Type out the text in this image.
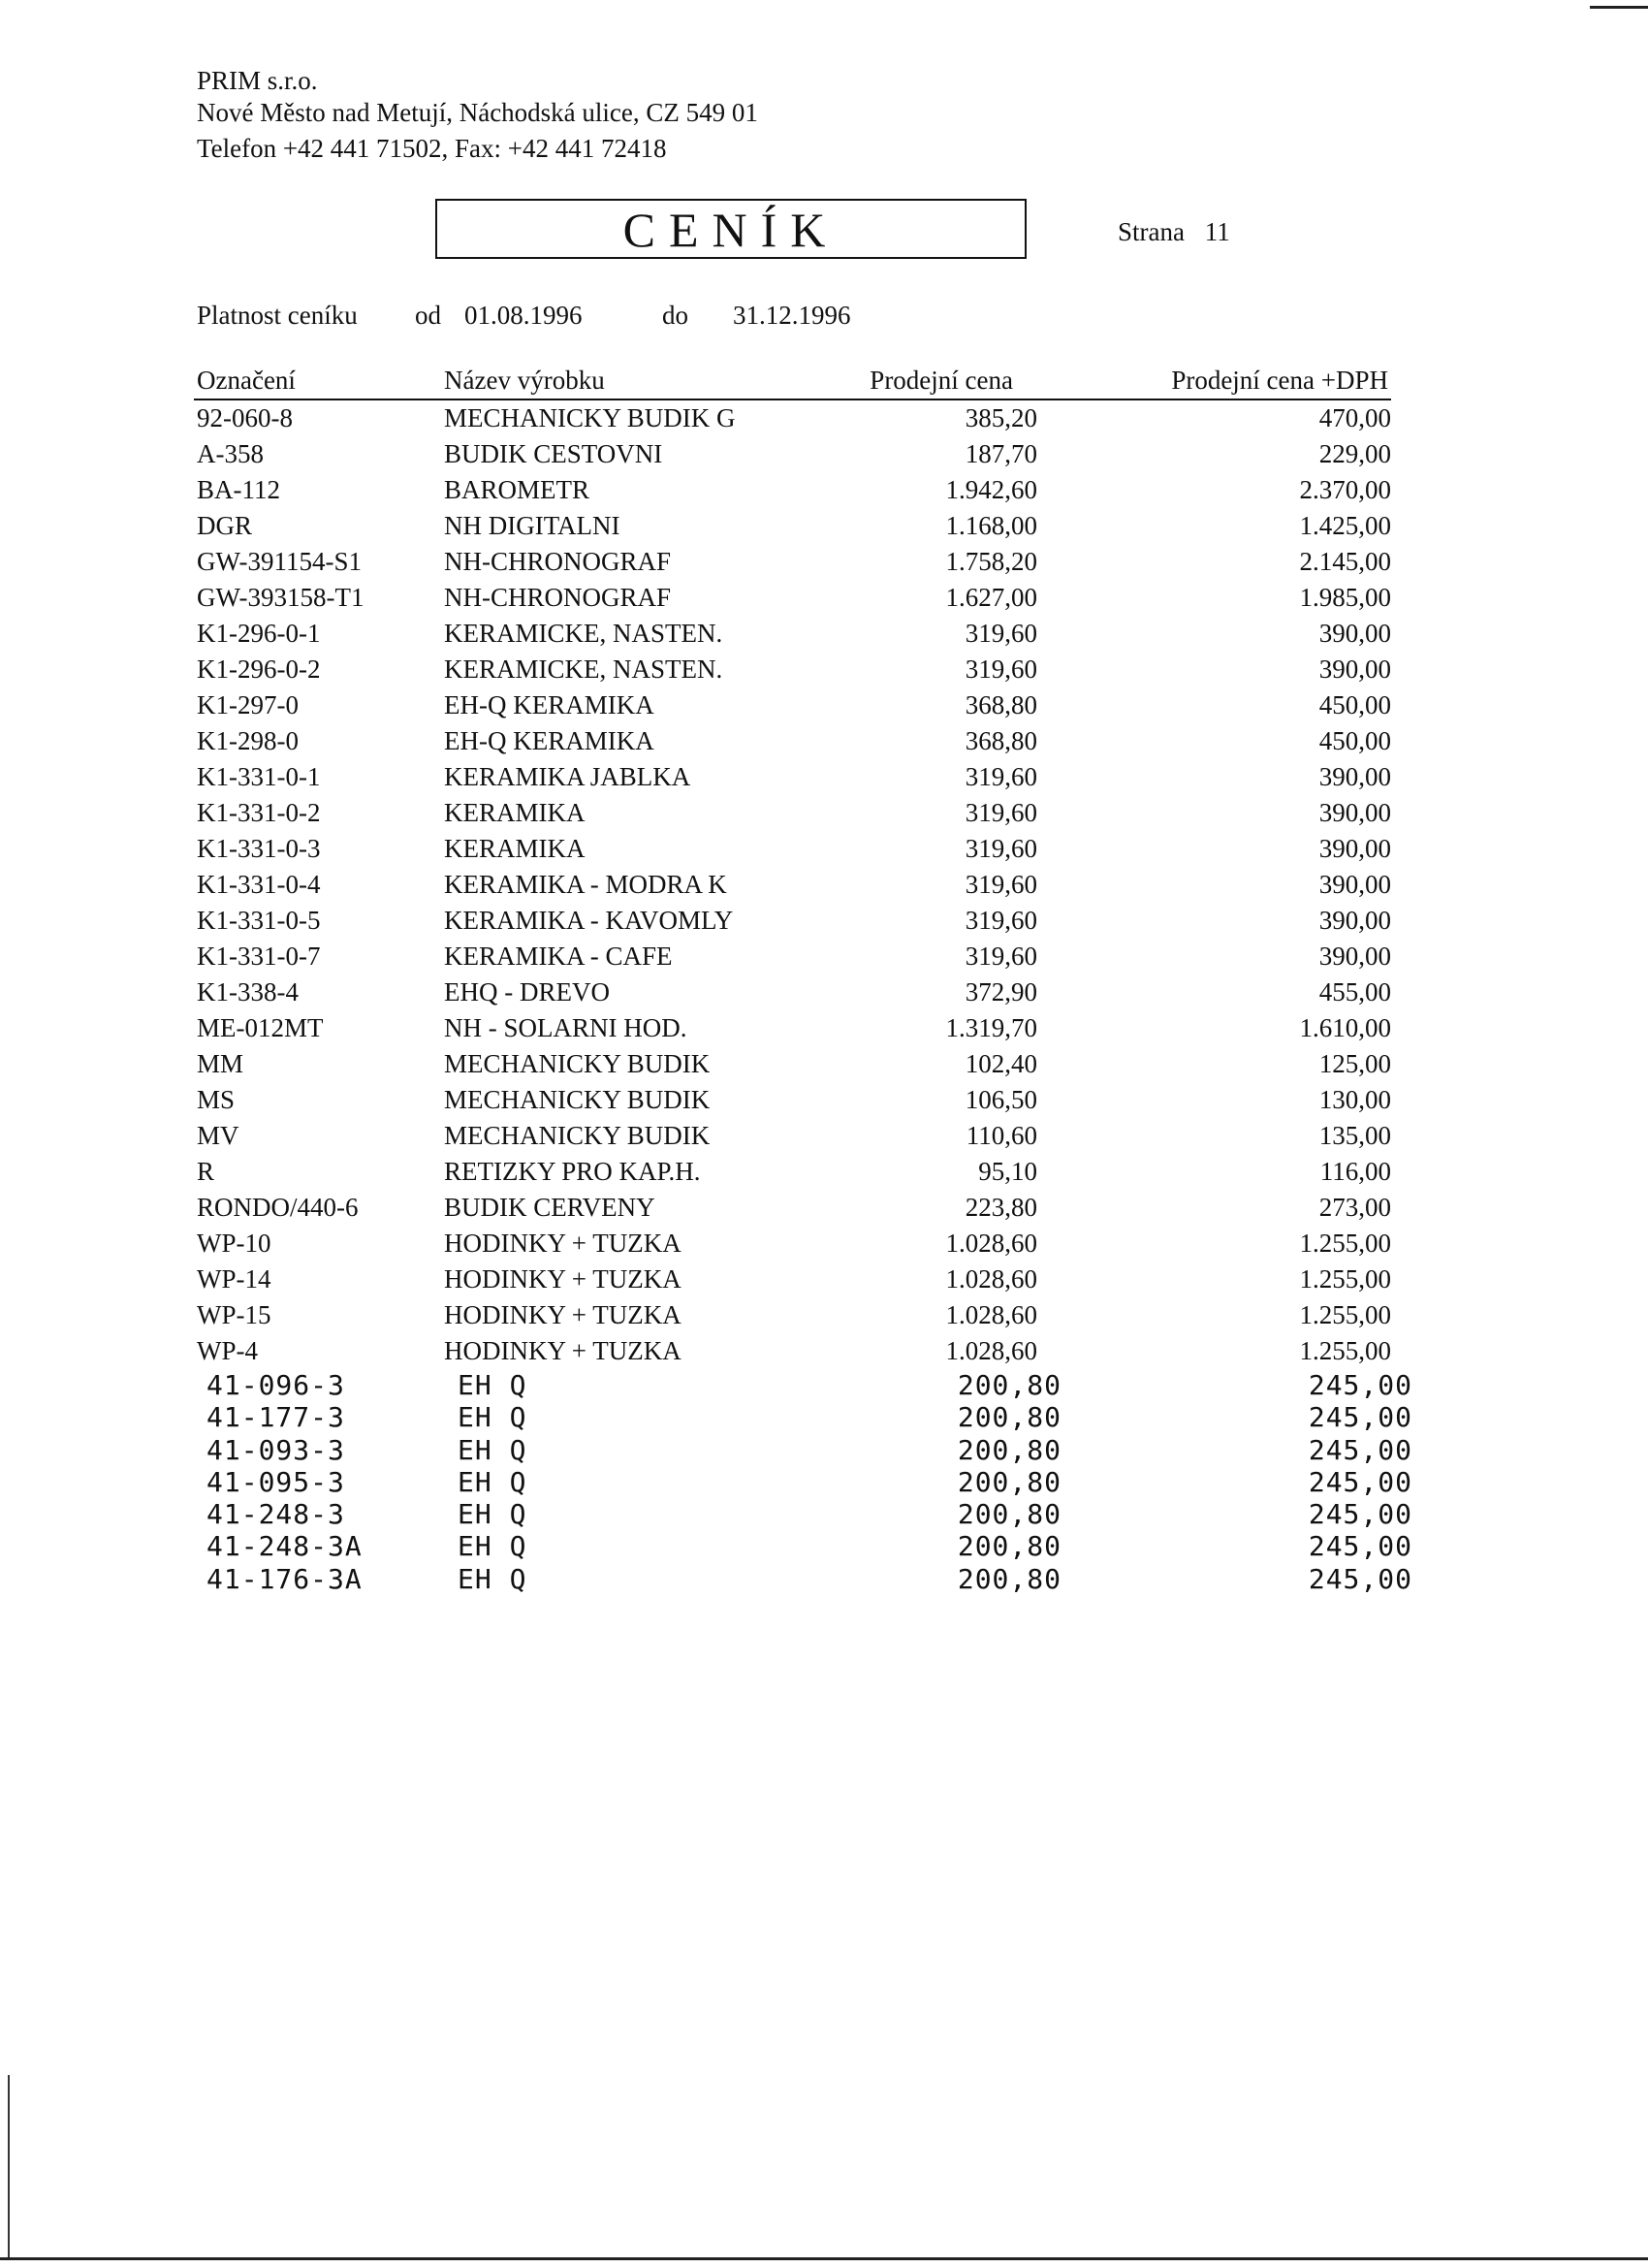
PRIM s.r.o.
Nové Město nad Metují, Náchodská ulice, CZ 549 01
Telefon +42 441 71502, Fax: +42 441 72418
CENÍK	Strana 11
Platnost ceníku od 01.08.1996	do 31.12.1996
Označení	Název výrobku	Prodejní cena	Prodejní cena +DPH
92-060-8	MECHANICKY BUDIK G	385,20	470,00
A-358	BUDIK CESTOVNI	187,70	229,00
BA-112	BAROMETR	1.942,60	2.370,00
DGR	NH DIGITALNI	1.168,00	1.425,00
GW-391154-S1	NH-CHRONOGRAF	1.758,20	2.145,00
GW-393158-T1	NH-CHRONOGRAF	1.627,00	1.985,00
K1-296-0-1	KERAMICKE, NASTEN.	319,60	390,00
K1-296-0-2	KERAMICKE, NASTEN.	319,60	390,00
K1-297-0	EH-Q KERAMIKA	368,80	450,00
K1-298-0	EH-Q KERAMIKA	368,80	450,00
K1-331-0-1	KERAMIKA JABLKA	319,60	390,00
K1-331-0-2	KERAMIKA	319,60	390,00
K1-331-0-3	KERAMIKA	319,60	390,00
K1-331-0-4	KERAMIKA - MODRA K	319,60	390,00
K1-331-0-5	KERAMIKA - KAVOMLY	319,60	390,00
K1-331-0-7	KERAMIKA - CAFE	319,60	390,00
K1-338-4	EHQ - DREVO	372,90	455,00
ME-012MT	NH - SOLARNI HOD.	1.319,70	1.610,00
MM	MECHANICKY BUDIK	102,40	125,00
MS	MECHANICKY BUDIK	106,50	130,00
MV	MECHANICKY BUDIK	110,60	135,00
R	RETIZKY PRO KAP.H.	95,10	116,00
RONDO/440-6	BUDIK CERVENY	223,80	273,00
WP-10	HODINKY + TUZKA	1.028,60	1.255,00
WP-14	HODINKY + TUZKA	1.028,60	1.255,00
WP-15	HODINKY + TUZKA	1.028,60	1.255,00
WP-4	HODINKY + TUZKA	1.028,60	1.255,00
41-096-3	EH Q	200,80	245,00
41-177-3	EH Q	200,80	245,00
41-093-3	EH Q	200,80	245,00
41-095-3	EH Q	200,80	245,00
41-248-3	EH Q	200,80	245,00
41-248-3A	EH Q	200,80	245,00
41-176-3A	EH Q	200,80	245,00
